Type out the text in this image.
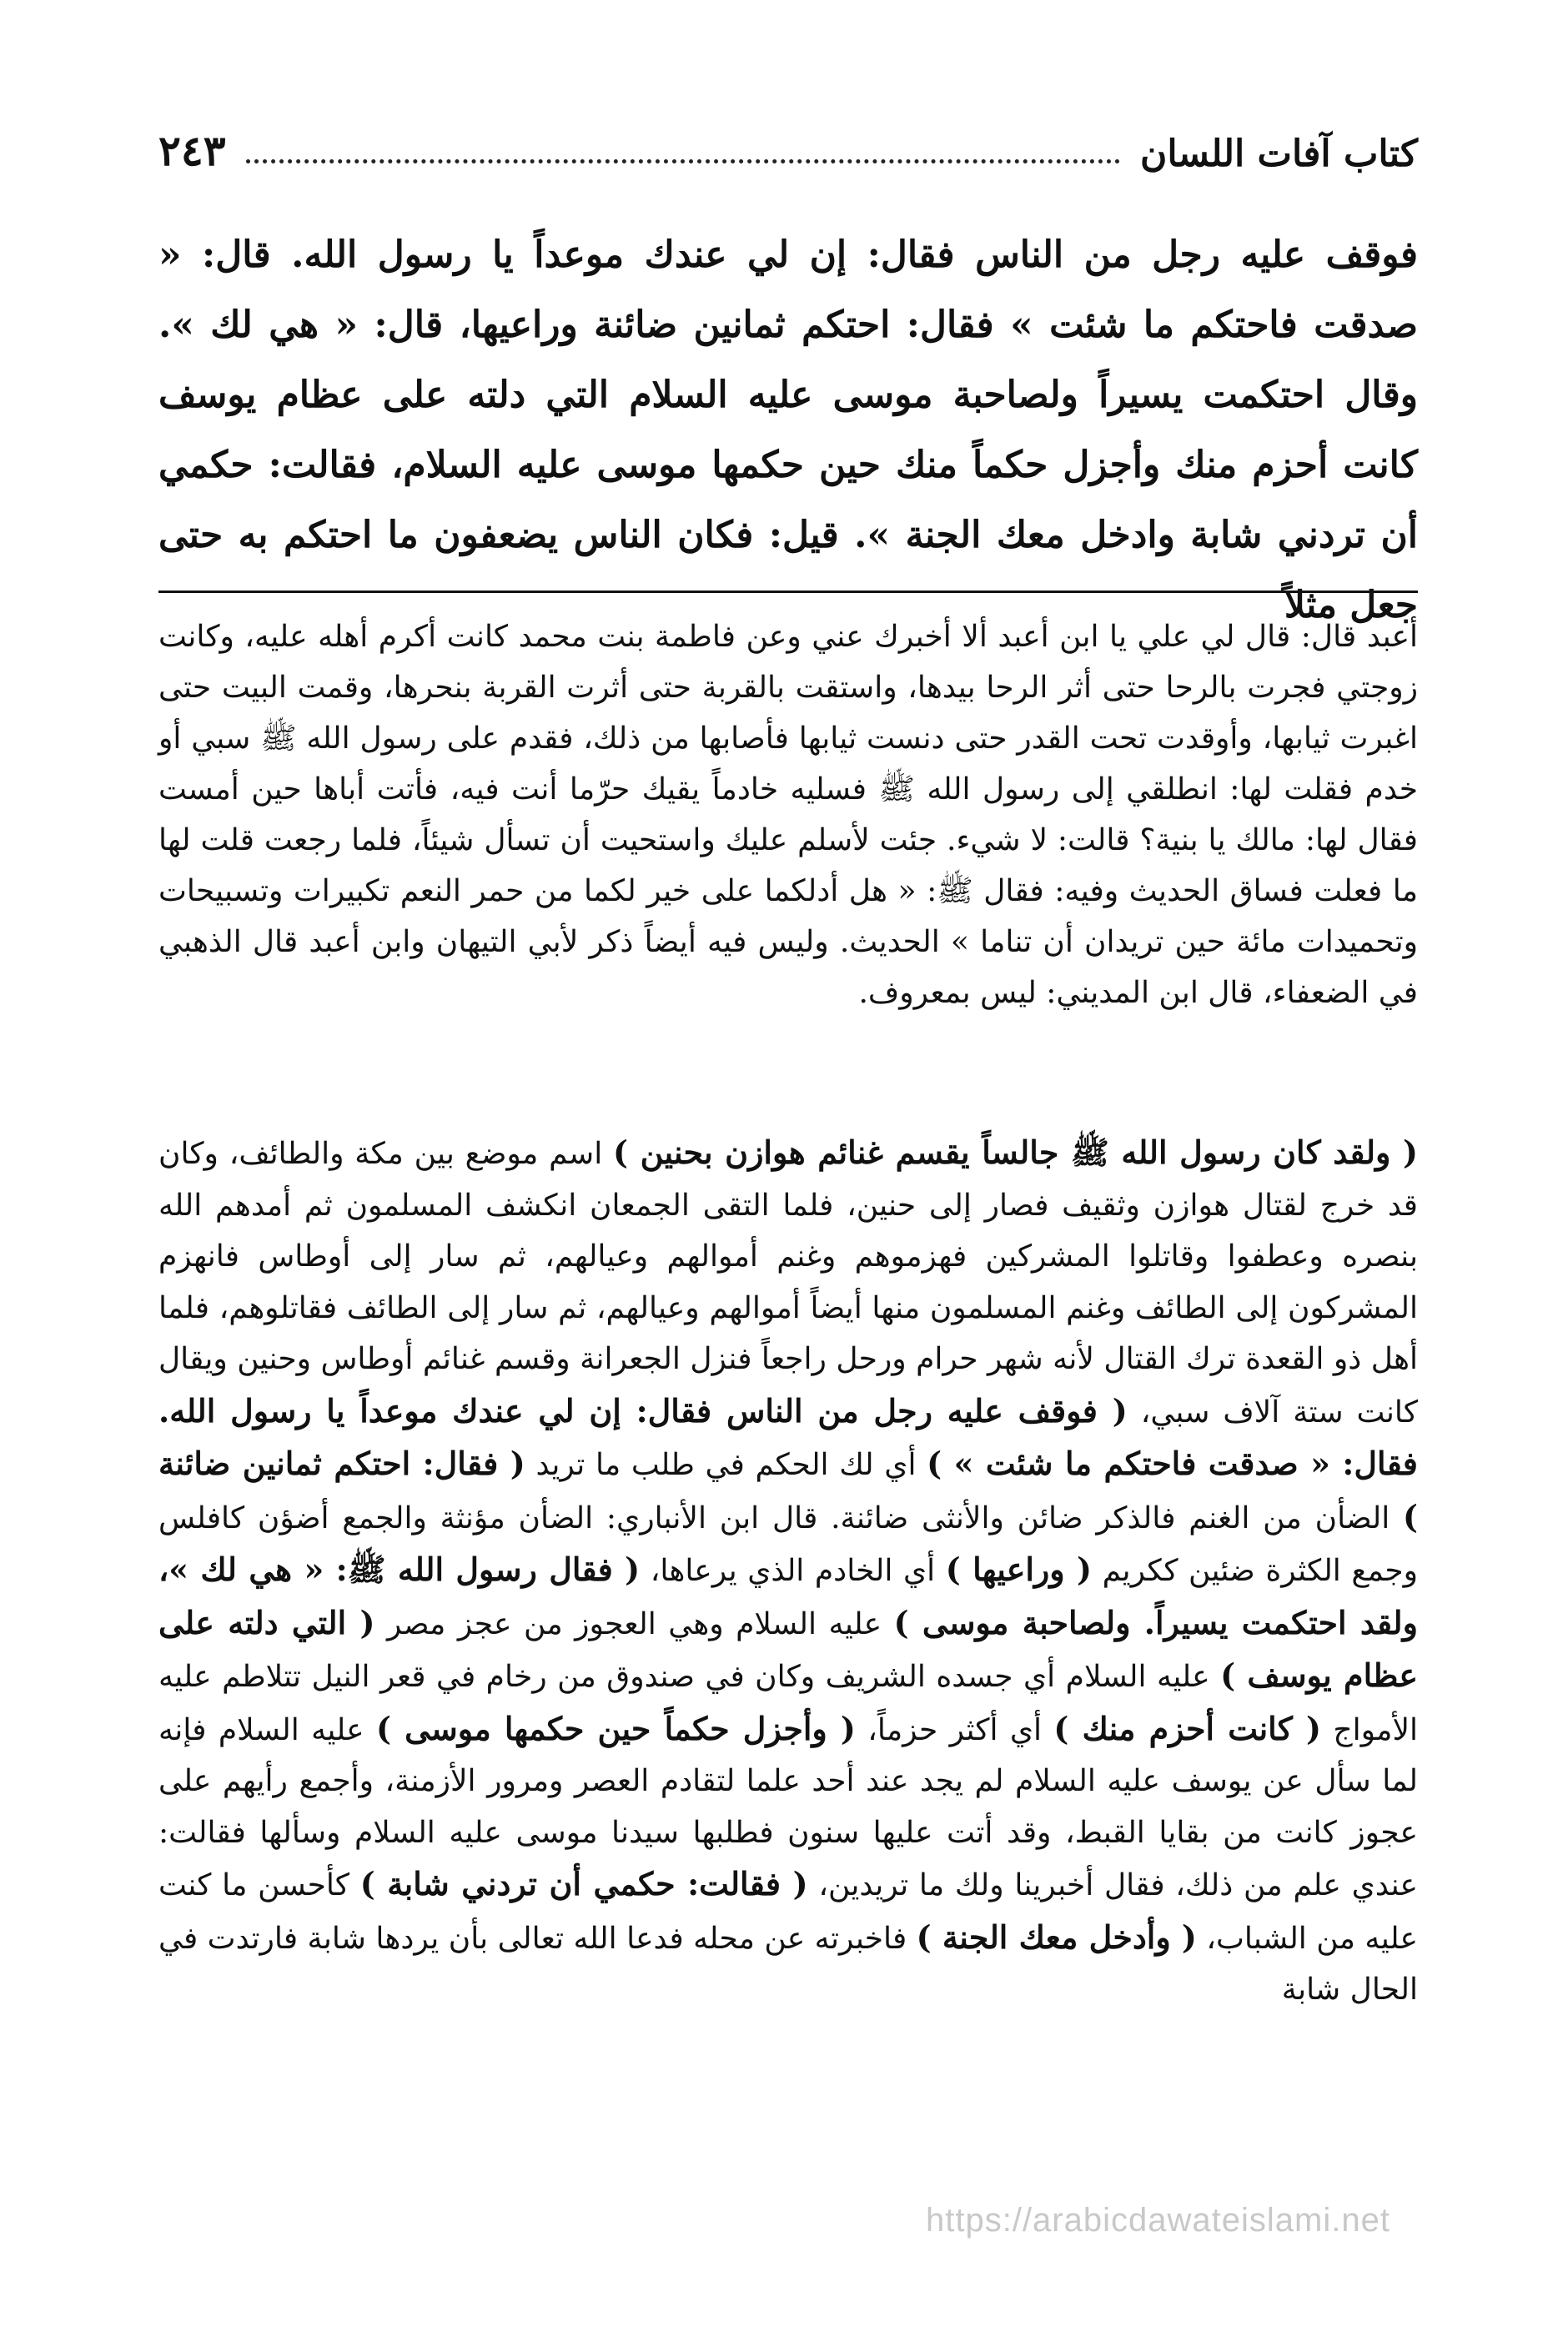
كتاب آفات اللسان
٢٤٣
فوقف عليه رجل من الناس فقال: إن لي عندك موعداً يا رسول الله. قال: « صدقت فاحتكم ما شئت » فقال: احتكم ثمانين ضائنة وراعيها، قال: « هي لك ». وقال احتكمت يسيراً ولصاحبة موسى عليه السلام التي دلته على عظام يوسف كانت أحزم منك وأجزل حكماً منك حين حكمها موسى عليه السلام، فقالت: حكمي أن تردني شابة وادخل معك الجنة ». قيل: فكان الناس يضعفون ما احتكم به حتى جعل مثلاً
أعبد قال: قال لي علي يا ابن أعبد ألا أخبرك عني وعن فاطمة بنت محمد كانت أكرم أهله عليه، وكانت زوجتي فجرت بالرحا حتى أثر الرحا بيدها، واستقت بالقربة حتى أثرت القربة بنحرها، وقمت البيت حتى اغبرت ثيابها، وأوقدت تحت القدر حتى دنست ثيابها فأصابها من ذلك، فقدم على رسول الله ﷺ سبي أو خدم فقلت لها: انطلقي إلى رسول الله ﷺ فسليه خادماً يقيك حرّما أنت فيه، فأتت أباها حين أمست فقال لها: مالك يا بنية؟ قالت: لا شيء. جئت لأسلم عليك واستحيت أن تسأل شيئاً، فلما رجعت قلت لها ما فعلت فساق الحديث وفيه: فقال ﷺ: « هل أدلكما على خير لكما من حمر النعم تكبيرات وتسبيحات وتحميدات مائة حين تريدان أن تناما » الحديث. وليس فيه أيضاً ذكر لأبي التيهان وابن أعبد قال الذهبي في الضعفاء، قال ابن المديني: ليس بمعروف.
( ولقد كان رسول الله ﷺ جالساً يقسم غنائم هوازن بحنين ) اسم موضع بين مكة والطائف، وكان قد خرج لقتال هوازن وثقيف فصار إلى حنين، فلما التقى الجمعان انكشف المسلمون ثم أمدهم الله بنصره وعطفوا وقاتلوا المشركين فهزموهم وغنم أموالهم وعيالهم، ثم سار إلى أوطاس فانهزم المشركون إلى الطائف وغنم المسلمون منها أيضاً أموالهم وعيالهم، ثم سار إلى الطائف فقاتلوهم، فلما أهل ذو القعدة ترك القتال لأنه شهر حرام ورحل راجعاً فنزل الجعرانة وقسم غنائم أوطاس وحنين ويقال كانت ستة آلاف سبي، ( فوقف عليه رجل من الناس فقال: إن لي عندك موعداً يا رسول الله. فقال: « صدقت فاحتكم ما شئت » ) أي لك الحكم في طلب ما تريد ( فقال: احتكم ثمانين ضائنة ) الضأن من الغنم فالذكر ضائن والأنثى ضائنة. قال ابن الأنباري: الضأن مؤنثة والجمع أضؤن كافلس وجمع الكثرة ضئين ككريم ( وراعيها ) أي الخادم الذي يرعاها، ( فقال رسول الله ﷺ: « هي لك »، ولقد احتكمت يسيراً. ولصاحبة موسى ) عليه السلام وهي العجوز من عجز مصر ( التي دلته على عظام يوسف ) عليه السلام أي جسده الشريف وكان في صندوق من رخام في قعر النيل تتلاطم عليه الأمواج ( كانت أحزم منك ) أي أكثر حزماً، ( وأجزل حكماً حين حكمها موسى ) عليه السلام فإنه لما سأل عن يوسف عليه السلام لم يجد عند أحد علما لتقادم العصر ومرور الأزمنة، وأجمع رأيهم على عجوز كانت من بقايا القبط، وقد أتت عليها سنون فطلبها سيدنا موسى عليه السلام وسألها فقالت: عندي علم من ذلك، فقال أخبرينا ولك ما تريدين، ( فقالت: حكمي أن تردني شابة ) كأحسن ما كنت عليه من الشباب، ( وأدخل معك الجنة ) فاخبرته عن محله فدعا الله تعالى بأن يردها شابة فارتدت في الحال شابة
https://arabicdawateislami.net
